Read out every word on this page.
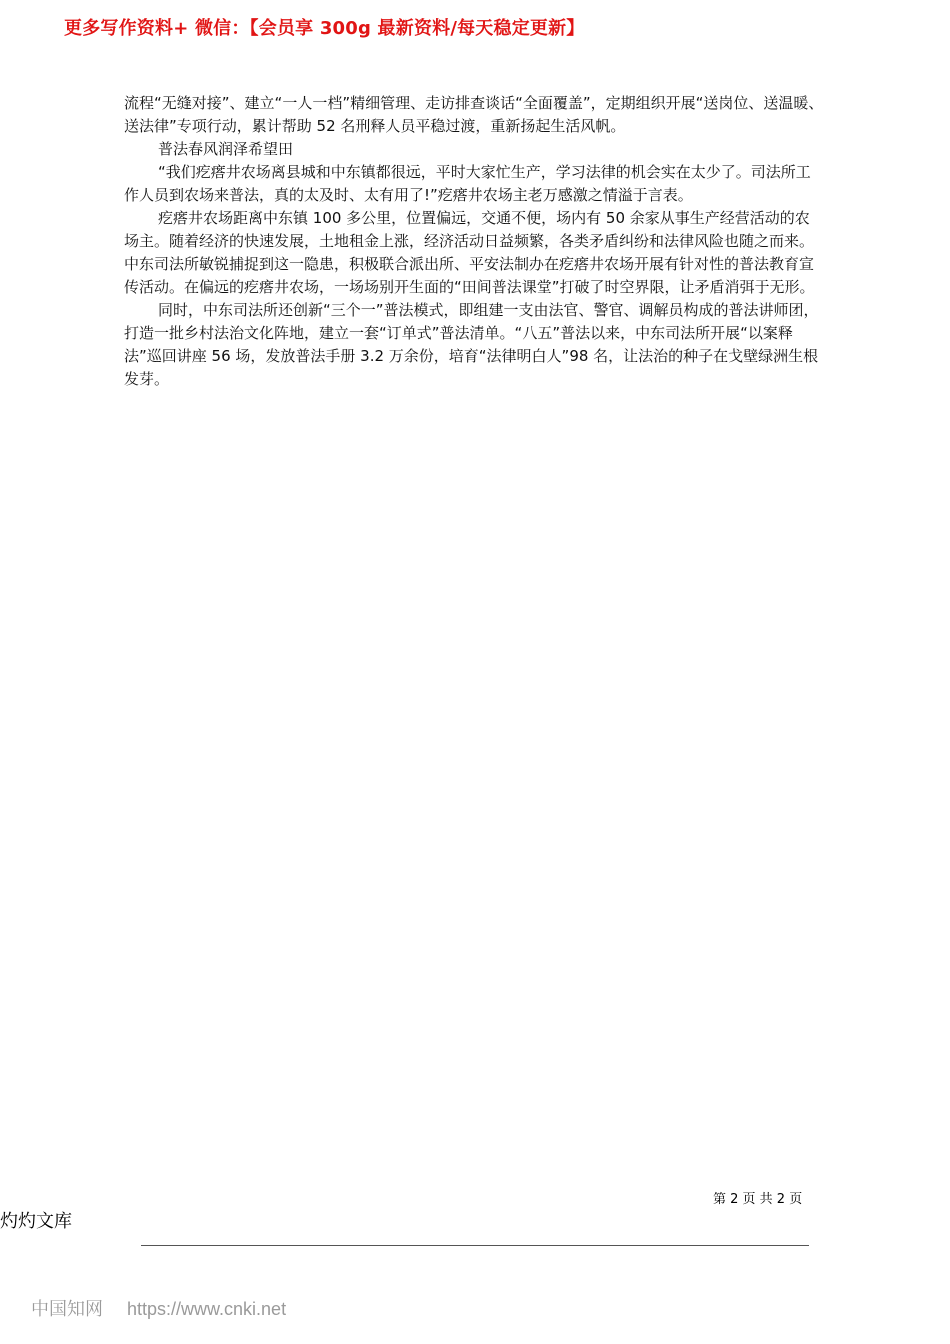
更多写作资料+ 微信：【会员享 300g 最新资料/每天稳定更新】

流程“无缝对接”、建立“一人一档”精细管理、走访排查谈话“全面覆盖”，定期组织开展“送岗位、送温暖、送法律”专项行动，累计帮助 52 名刑释人员平稳过渡，重新扬起生活风帆。

普法春风润泽希望田

“我们疙瘩井农场离县城和中东镇都很远，平时大家忙生产，学习法律的机会实在太少了。司法所工作人员到农场来普法，真的太及时、太有用了!”疙瘩井农场主老万感激之情溢于言表。

疙瘩井农场距离中东镇 100 多公里，位置偏远，交通不便，场内有 50 余家从事生产经营活动的农场主。随着经济的快速发展，土地租金上涨，经济活动日益频繁，各类矛盾纠纷和法律风险也随之而来。中东司法所敏锐捕捉到这一隐患，积极联合派出所、平安法制办在疙瘩井农场开展有针对性的普法教育宣传活动。在偏远的疙瘩井农场，一场场别开生面的“田间普法课堂”打破了时空界限，让矛盾消弭于无形。

同时，中东司法所还创新“三个一”普法模式，即组建一支由法官、警官、调解员构成的普法讲师团，打造一批乡村法治文化阵地，建立一套“订单式”普法清单。“八五”普法以来，中东司法所开展“以案释法”巡回讲座 56 场，发放普法手册 3.2 万余份，培育“法律明白人”98 名，让法治的种子在戈壁绿洲生根发芽。

第 2 页 共 2 页
灼灼文库
中国知网 https://www.cnki.net
